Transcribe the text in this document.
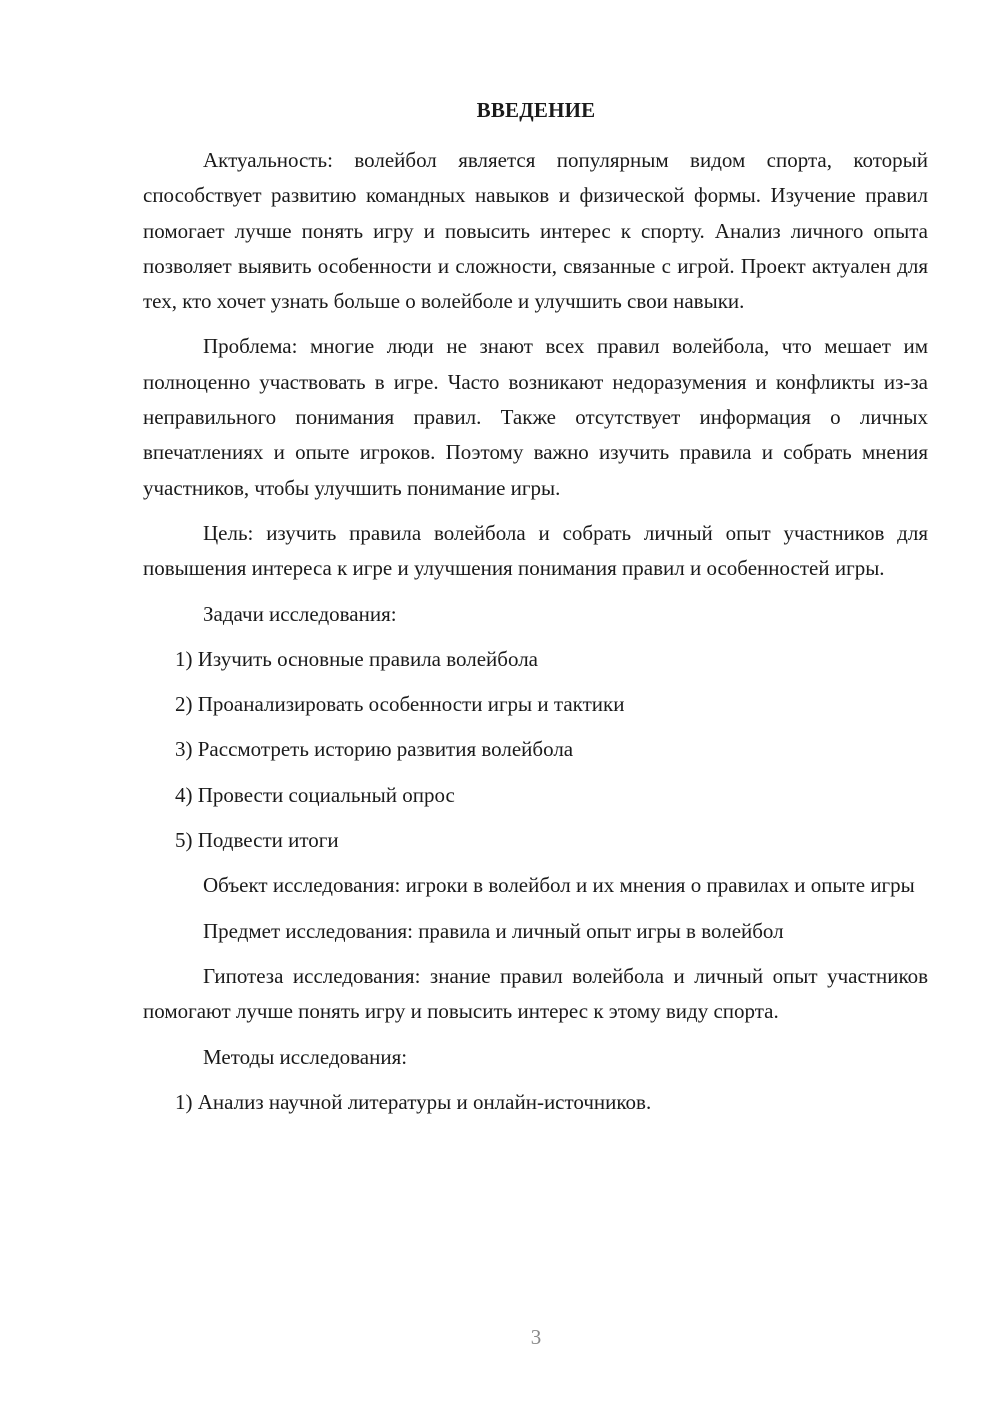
ВВЕДЕНИЕ

Актуальность: волейбол является популярным видом спорта, который способствует развитию командных навыков и физической формы. Изучение правил помогает лучше понять игру и повысить интерес к спорту. Анализ личного опыта позволяет выявить особенности и сложности, связанные с игрой. Проект актуален для тех, кто хочет узнать больше о волейболе и улучшить свои навыки.

Проблема: многие люди не знают всех правил волейбола, что мешает им полноценно участвовать в игре. Часто возникают недоразумения и конфликты из-за неправильного понимания правил. Также отсутствует информация о личных впечатлениях и опыте игроков. Поэтому важно изучить правила и собрать мнения участников, чтобы улучшить понимание игры.

Цель: изучить правила волейбола и собрать личный опыт участников для повышения интереса к игре и улучшения понимания правил и особенностей игры.

Задачи исследования:

1) Изучить основные правила волейбола
2) Проанализировать особенности игры и тактики
3) Рассмотреть историю развития волейбола
4) Провести социальный опрос
5) Подвести итоги

Объект исследования: игроки в волейбол и их мнения о правилах и опыте игры

Предмет исследования: правила и личный опыт игры в волейбол

Гипотеза исследования: знание правил волейбола и личный опыт участников помогают лучше понять игру и повысить интерес к этому виду спорта.

Методы исследования:

1) Анализ научной литературы и онлайн-источников.
3
